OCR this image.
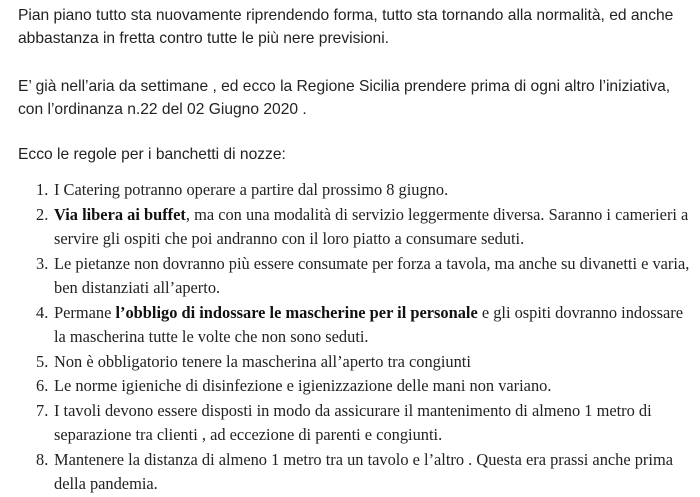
Pian piano tutto sta nuovamente riprendendo forma, tutto sta tornando alla normalità, ed anche abbastanza in fretta contro tutte le più nere previsioni.

E’ già nell’aria da settimane , ed ecco la Regione Sicilia prendere prima di ogni altro l’iniziativa, con l’ordinanza n.22 del 02 Giugno 2020 .

Ecco le regole per i banchetti di nozze:

1. I Catering potranno operare a partire dal prossimo 8 giugno.
2. Via libera ai buffet, ma con una modalità di servizio leggermente diversa. Saranno i camerieri a servire gli ospiti che poi andranno con il loro piatto a consumare seduti.
3. Le pietanze non dovranno più essere consumate per forza a tavola, ma anche su divanetti e varia, ben distanziati all’aperto.
4. Permane l’obbligo di indossare le mascherine per il personale e gli ospiti dovranno indossare la mascherina tutte le volte che non sono seduti.
5. Non è obbligatorio tenere la mascherina all’aperto tra congiunti
6. Le norme igieniche di disinfezione e igienizzazione delle mani non variano.
7. I tavoli devono essere disposti in modo da assicurare il mantenimento di almeno 1 metro di separazione tra clienti , ad eccezione di parenti e congiunti.
8. Mantenere la distanza di almeno 1 metro tra un tavolo e l’altro . Questa era prassi anche prima della pandemia.
